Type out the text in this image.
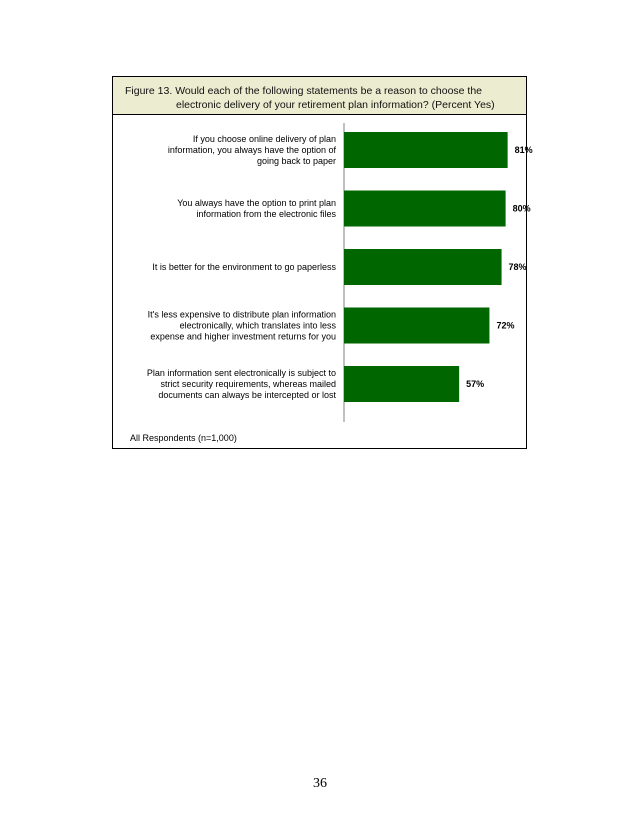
Figure 13. Would each of the following statements be a reason to choose the
electronic delivery of your retirement plan information? (Percent Yes)
81%
If you choose online delivery of plan information, you always have the option of going back to paper
80%
You always have the option to print plan information from the electronic files
78%
It is better for the environment to go paperless
72%
It's less expensive to distribute plan information electronically, which translates into less expense and higher investment returns for you
57%
Plan information sent electronically is subject to strict security requirements, whereas mailed documents can always be intercepted or lost
All Respondents (n=1,000)
36
